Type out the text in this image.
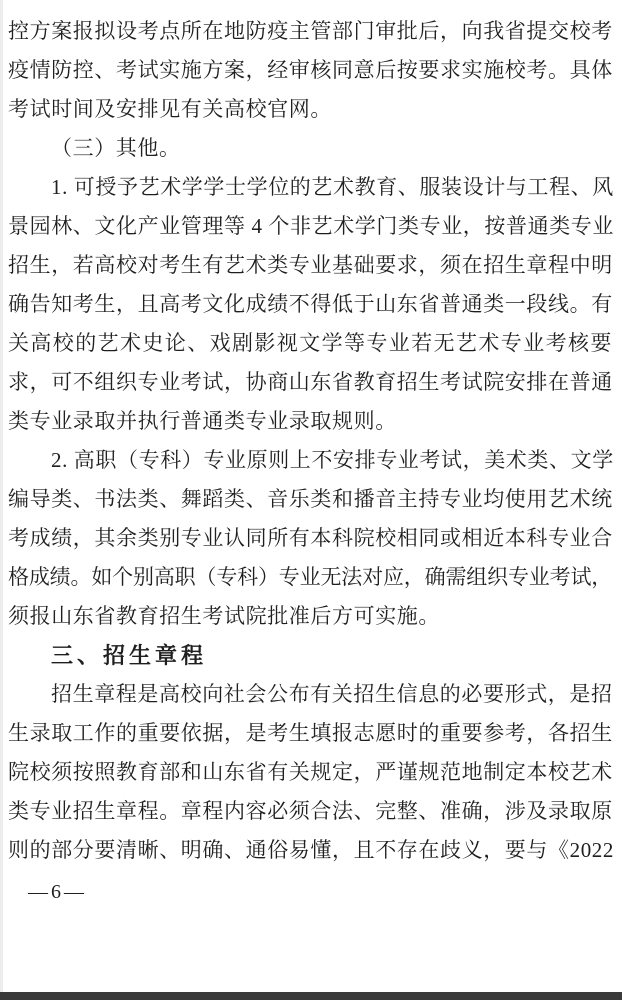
控方案报拟设考点所在地防疫主管部门审批后，向我省提交校考
疫情防控、考试实施方案，经审核同意后按要求实施校考。具体
考试时间及安排见有关高校官网。
（三）其他。
1. 可授予艺术学学士学位的艺术教育、服装设计与工程、风
景园林、文化产业管理等 4 个非艺术学门类专业，按普通类专业
招生，若高校对考生有艺术类专业基础要求，须在招生章程中明
确告知考生，且高考文化成绩不得低于山东省普通类一段线。有
关高校的艺术史论、戏剧影视文学等专业若无艺术专业考核要
求，可不组织专业考试，协商山东省教育招生考试院安排在普通
类专业录取并执行普通类专业录取规则。
2. 高职（专科）专业原则上不安排专业考试，美术类、文学
编导类、书法类、舞蹈类、音乐类和播音主持专业均使用艺术统
考成绩，其余类别专业认同所有本科院校相同或相近本科专业合
格成绩。如个别高职（专科）专业无法对应，确需组织专业考试，
须报山东省教育招生考试院批准后方可实施。
三、招生章程
招生章程是高校向社会公布有关招生信息的必要形式，是招
生录取工作的重要依据，是考生填报志愿时的重要参考，各招生
院校须按照教育部和山东省有关规定，严谨规范地制定本校艺术
类专业招生章程。章程内容必须合法、完整、准确，涉及录取原
则的部分要清晰、明确、通俗易懂，且不存在歧义，要与《2022
—6—
